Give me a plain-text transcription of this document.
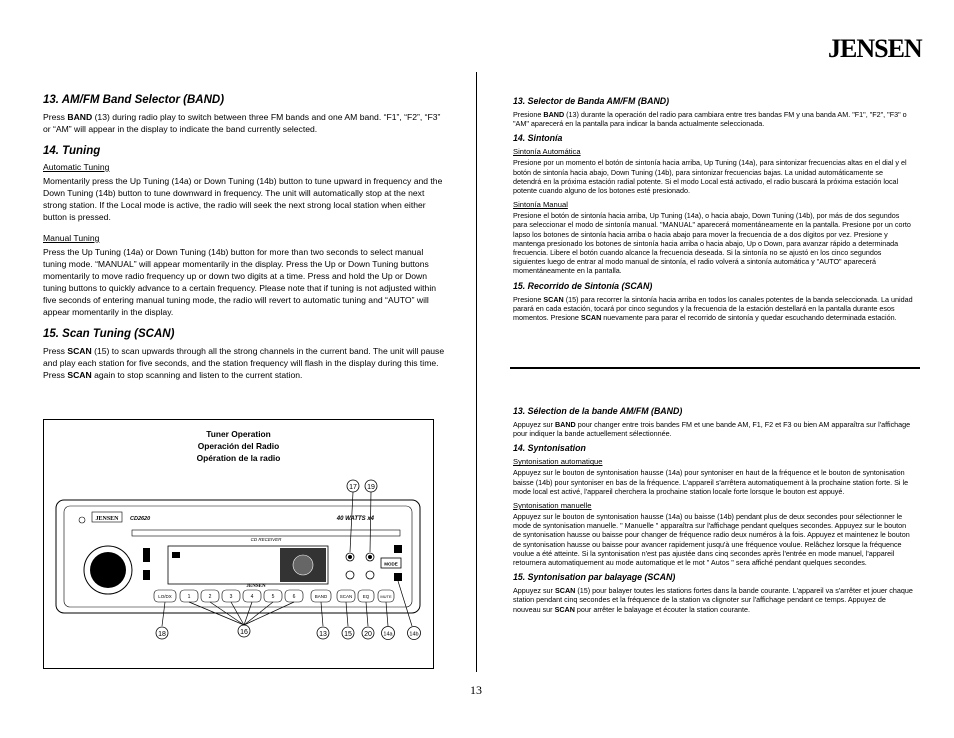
JENSEN
13. AM/FM Band Selector (BAND)

Press BAND (13) during radio play to switch between three FM bands and one AM band. “F1”, “F2”, “F3” or “AM” will appear in the display to indicate the band currently selected.

14. Tuning
Automatic Tuning

Momentarily press the Up Tuning (14a) or Down Tuning (14b) button to tune upward in frequency and the Down Tuning (14b) button to tune downward in frequency. The unit will automatically stop at the next strong station. If the Local mode is active, the radio will seek the next strong local station when either button is pressed.

Manual Tuning

Press the Up Tuning (14a) or Down Tuning (14b) button for more than two seconds to select manual tuning mode. “MANUAL” will appear momentarily in the display. Press the Up or Down Tuning buttons momentarily to move radio frequency up or down two digits at a time. Press and hold the Up or Down tuning buttons to quickly advance to a certain frequency. Please note that if tuning is not adjusted within five seconds of entering manual tuning mode, the radio will revert to automatic tuning and “AUTO” will appear momentarily in the display.

15. Scan Tuning (SCAN)

Press SCAN (15) to scan upwards through all the strong channels in the current band. The unit will pause and play each station for five seconds, and the station frequency will flash in the display during this time. Press SCAN again to stop scanning and listen to the current station.

Tuner Operation
Operación del Radio
Opération de la radio
JENSEN CD2620	40 WATTS x4
CD RECEIVER
JENSEN
MODE
LO/DX	1	2	3	4	5	6	BAND	SCAN EQ	MUTE
17 19
18	16	13 15 20 14a	14b
13. Selector de Banda AM/FM (BAND)

Presione BAND (13) durante la operación del radio para cambiara entre tres bandas FM y una banda AM. "F1", "F2", "F3" o "AM" aparecerá en la pantalla para indicar la banda actualmente seleccionada.

14. Sintonía
Sintonía Automática

Presione por un momento el botón de sintonía hacia arriba, Up Tuning (14a), para sintonizar frecuencias altas en el dial y el botón de sintonía hacia abajo, Down Tuning (14b), para sintonizar frecuencias bajas. La unidad automáticamente se detendrá en la próxima estación radial potente. Si el modo Local está activado, el radio buscará la próxima estación local potente cuando alguno de los botones esté presionado.

Sintonía Manual

Presione el botón de sintonía hacia arriba, Up Tuning (14a), o hacia abajo, Down Tuning (14b), por más de dos segundos para seleccionar el modo de sintonía manual. "MANUAL" aparecerá momentáneamente en la pantalla. Presione por un corto lapso los botones de sintonía hacia arriba o hacia abajo para mover la frecuencia de a dos dígitos por vez. Presione y mantenga presionado los botones de sintonía hacia arriba o hacia abajo, Up o Down, para avanzar rápido a determinada frecuencia. Libere el botón cuando alcance la frecuencia deseada. Si la sintonía no se ajustó en los cinco segundos siguientes luego de entrar al modo manual de sintonía, el radio volverá a sintonía automática y "AUTO" aparecerá momentáneamente en la pantalla.

15. Recorrido de Sintonía (SCAN)

Presione SCAN (15) para recorrer la sintonía hacia arriba en todos los canales potentes de la banda seleccionada. La unidad parará en cada estación, tocará por cinco segundos y la frecuencia de la estación destellará en la pantalla durante esos momentos. Presione SCAN nuevamente para parar el recorrido de sintonía y quedar escuchando determinada estación.

13. Sélection de la bande AM/FM (BAND)

Appuyez sur BAND pour changer entre trois bandes FM et une bande AM, F1, F2 et F3 ou bien AM apparaîtra sur l'affichage pour indiquer la bande actuellement sélectionnée.

14. Syntonisation
Syntonisation automatique

Appuyez sur le bouton de syntonisation hausse (14a) pour syntoniser en haut de la fréquence et le bouton de syntonisation baisse (14b) pour syntoniser en bas de la fréquence. L'appareil s'arrêtera automatiquement à la prochaine station forte. Si le mode local est activé, l'appareil cherchera la prochaine station locale forte lorsque le bouton est appuyé.

Syntonisation manuelle

Appuyez sur le bouton de syntonisation hausse (14a) ou baisse (14b) pendant plus de deux secondes pour sélectionner le mode de syntonisation manuelle. " Manuelle " apparaîtra sur l'affichage pendant quelques secondes. Appuyez sur le bouton de syntonisation hausse ou baisse pour changer de fréquence radio deux numéros à la fois. Appuyez et maintenez le bouton de syntonisation hausse ou baisse pour avancer rapidement jusqu'à une fréquence voulue. Relâchez lorsque la fréquence voulue a été atteinte. Si la syntonisation n'est pas ajustée dans cinq secondes après l'entrée en mode manuel, l'appareil retournera automatiquement au mode automatique et le mot " Autos " sera affiché pendant quelques secondes.

15. Syntonisation par balayage (SCAN)

Appuyez sur SCAN (15) pour balayer toutes les stations fortes dans la bande courante. L'appareil va s'arrêter et jouer chaque station pendant cinq secondes et la fréquence de la station va clignoter sur l'affichage pendant ce temps. Appuyez de nouveau sur SCAN pour arrêter le balayage et écouter la station courante.

13
